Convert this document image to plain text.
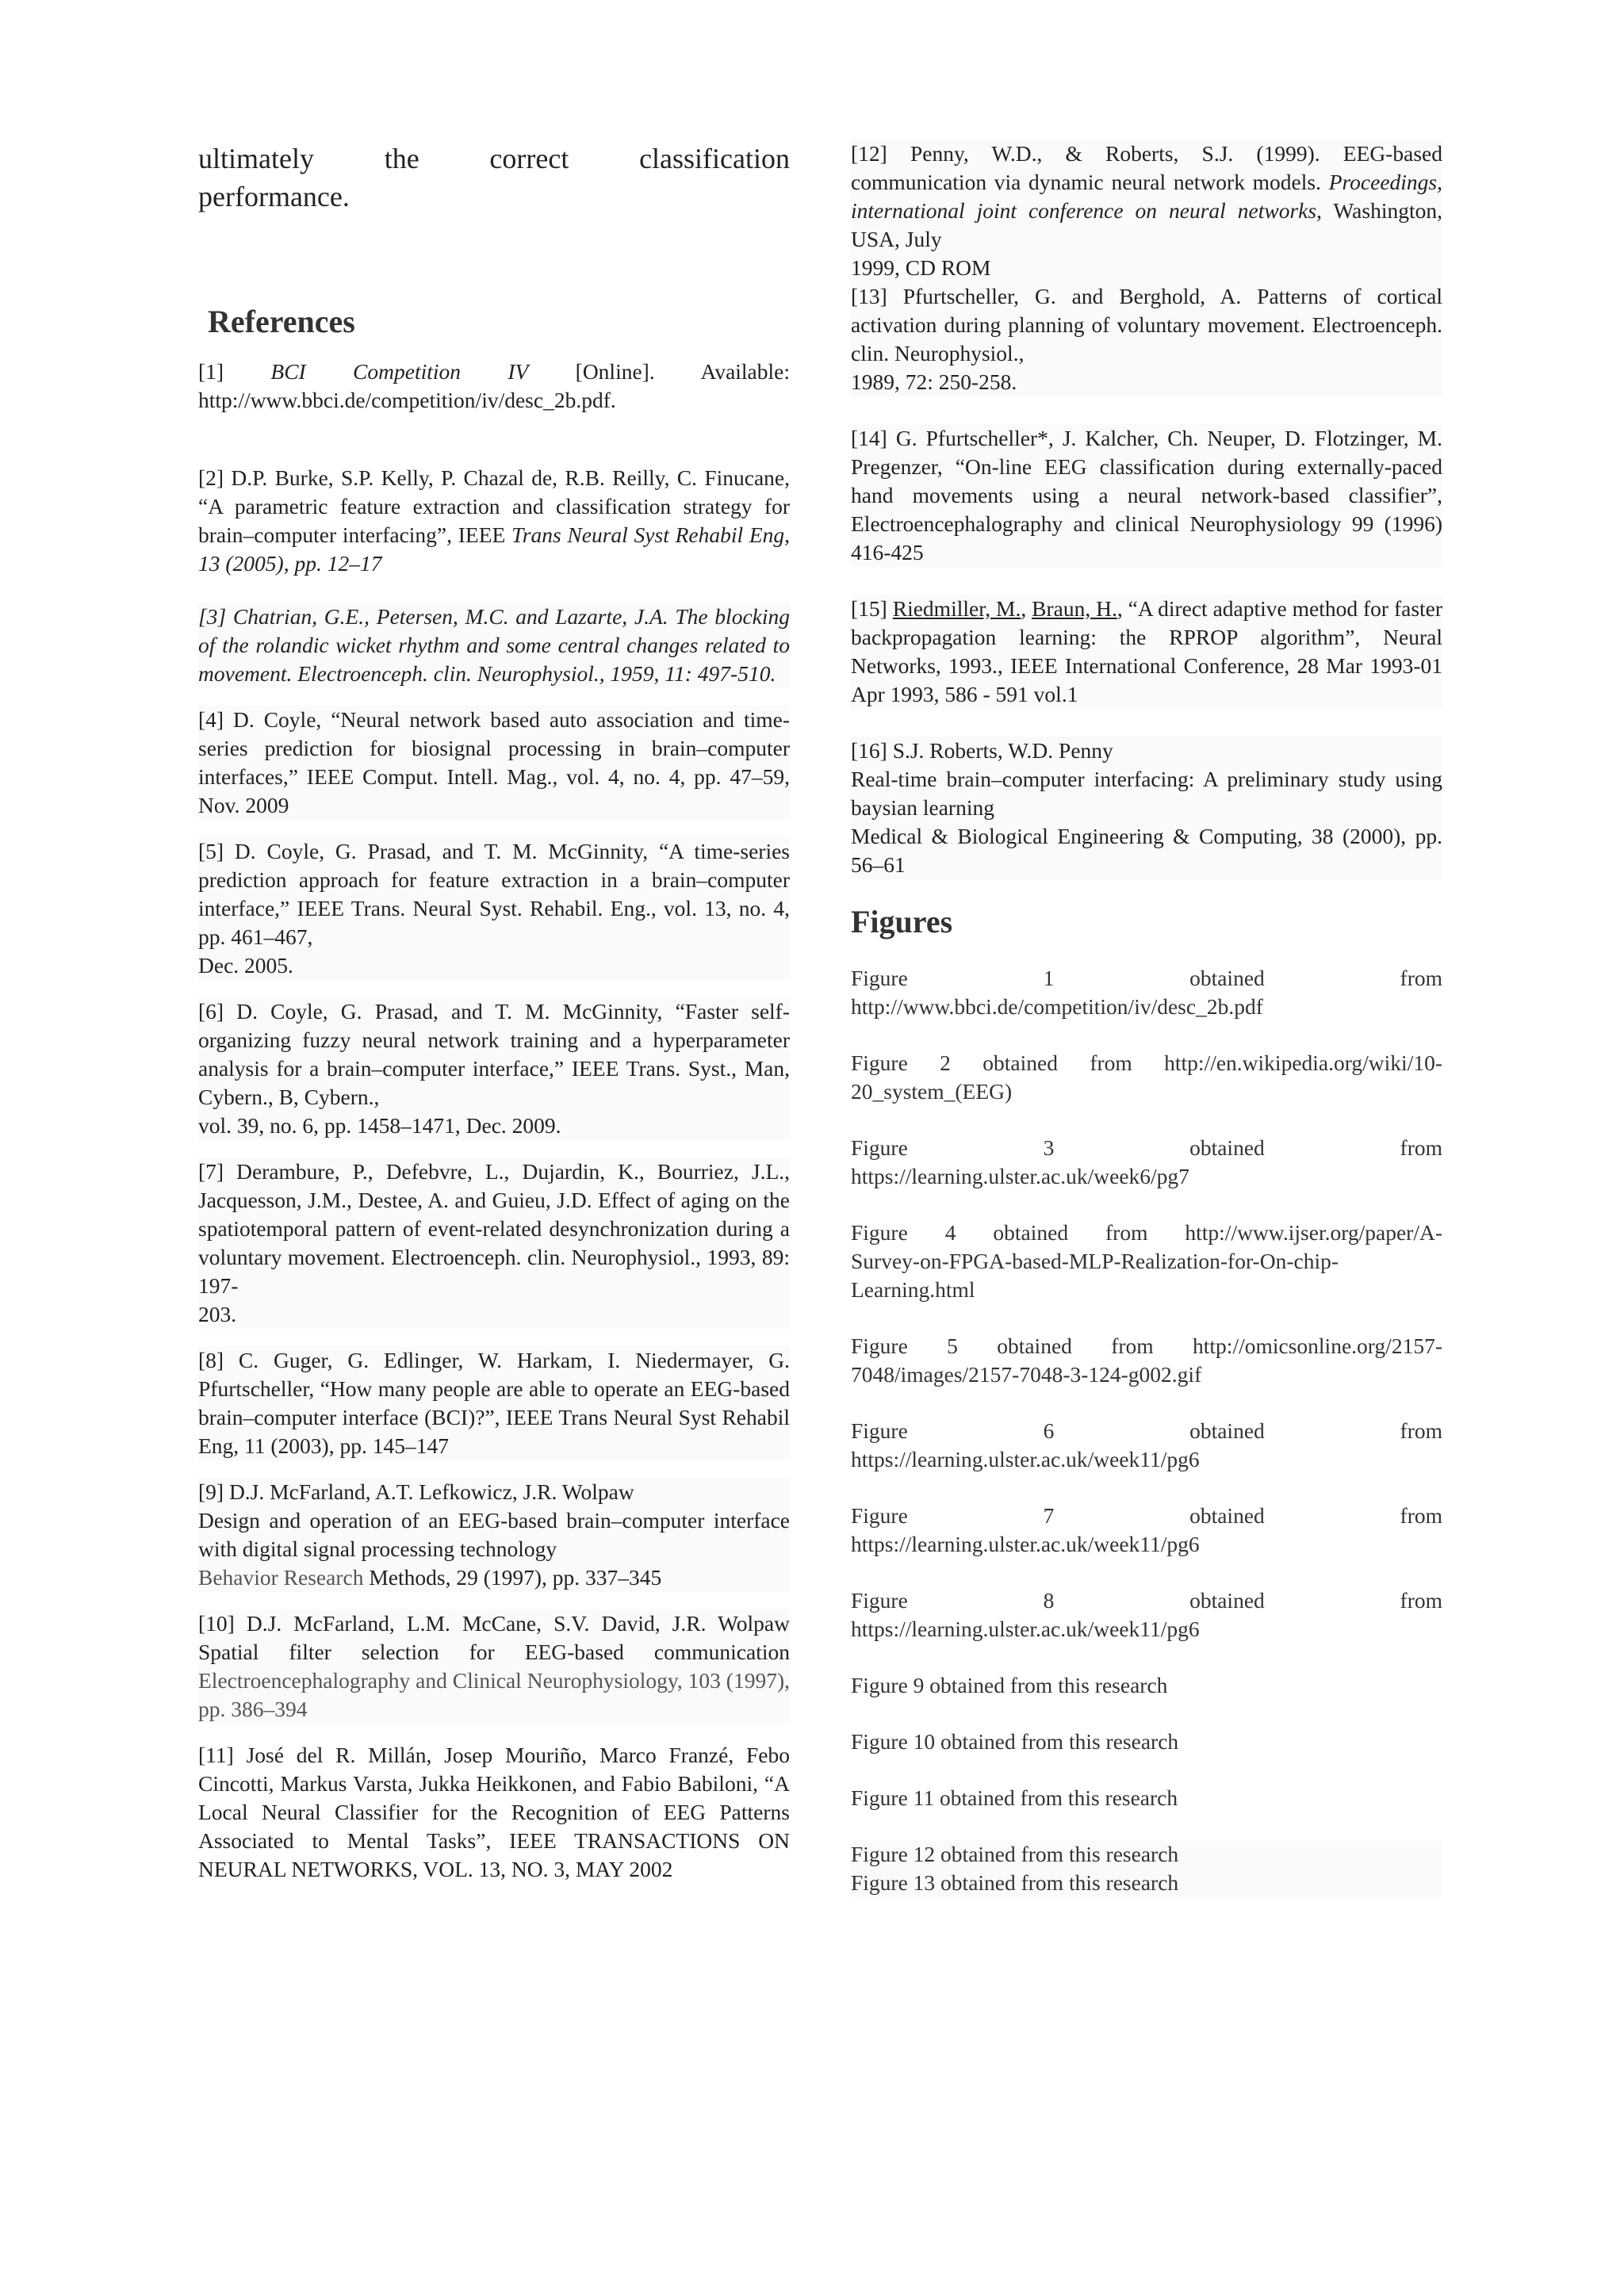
ultimately the correct classification

performance.

References

[1] BCI Competition IV [Online]. Available:

http://www.bbci.de/competition/iv/desc_2b.pdf.

[2] D.P. Burke, S.P. Kelly, P. Chazal de, R.B. Reilly, C. Finucane, “A parametric feature extraction and classification strategy for brain–computer interfacing”, IEEE Trans Neural Syst Rehabil Eng, 13 (2005), pp. 12–17

[3] Chatrian, G.E., Petersen, M.C. and Lazarte, J.A. The blocking of the rolandic wicket rhythm and some central changes related to movement. Electroenceph. clin. Neurophysiol., 1959, 11: 497-510.

[4] D. Coyle, “Neural network based auto association and time-series prediction for biosignal processing in brain–computer interfaces,” IEEE Comput. Intell. Mag., vol. 4, no. 4, pp. 47–59, Nov. 2009

[5] D. Coyle, G. Prasad, and T. M. McGinnity, “A time-series prediction approach for feature extraction in a brain–computer interface,” IEEE Trans. Neural Syst. Rehabil. Eng., vol. 13, no. 4, pp. 461–467,

Dec. 2005.

[6] D. Coyle, G. Prasad, and T. M. McGinnity, “Faster self-organizing fuzzy neural network training and a hyperparameter analysis for a brain–computer interface,” IEEE Trans. Syst., Man, Cybern., B, Cybern.,

vol. 39, no. 6, pp. 1458–1471, Dec. 2009.

[7] Derambure, P., Defebvre, L., Dujardin, K., Bourriez, J.L., Jacquesson, J.M., Destee, A. and Guieu, J.D. Effect of aging on the spatiotemporal pattern of event-related desynchronization during a voluntary movement. Electroenceph. clin. Neurophysiol., 1993, 89: 197-

203.

[8] C. Guger, G. Edlinger, W. Harkam, I. Niedermayer, G. Pfurtscheller, “How many people are able to operate an EEG-based brain–computer interface (BCI)?”, IEEE Trans Neural Syst Rehabil Eng, 11 (2003), pp. 145–147

[9] D.J. McFarland, A.T. Lefkowicz, J.R. Wolpaw

Design and operation of an EEG-based brain–computer interface with digital signal processing technology

Behavior Research Methods, 29 (1997), pp. 337–345

[10] D.J. McFarland, L.M. McCane, S.V. David, J.R. Wolpaw Spatial filter selection for EEG-based communication Electroencephalography and Clinical Neurophysiology, 103 (1997), pp. 386–394

[11] José del R. Millán, Josep Mouriño, Marco Franzé, Febo Cincotti, Markus Varsta, Jukka Heikkonen, and Fabio Babiloni, “A Local Neural Classifier for the Recognition of EEG Patterns Associated to Mental Tasks”, IEEE TRANSACTIONS ON NEURAL NETWORKS, VOL. 13, NO. 3, MAY 2002

[12] Penny, W.D., & Roberts, S.J. (1999). EEG-based communication via dynamic neural network models. Proceedings, international joint conference on neural networks, Washington, USA, July

1999, CD ROM

[13] Pfurtscheller, G. and Berghold, A. Patterns of cortical activation during planning of voluntary movement. Electroenceph. clin. Neurophysiol.,

1989, 72: 250-258.

[14] G. Pfurtscheller*, J. Kalcher, Ch. Neuper, D. Flotzinger, M. Pregenzer, “On-line EEG classification during externally-paced hand movements using a neural network-based classifier”, Electroencephalography and clinical Neurophysiology 99 (1996) 416-425

[15] Riedmiller, M., Braun, H., “A direct adaptive method for faster backpropagation learning: the RPROP algorithm”, Neural Networks, 1993., IEEE International Conference, 28 Mar 1993-01 Apr 1993, 586 - 591 vol.1

[16] S.J. Roberts, W.D. Penny

Real-time brain–computer interfacing: A preliminary study using baysian learning

Medical & Biological Engineering & Computing, 38 (2000), pp. 56–61

Figures

Figure 1 obtained from

http://www.bbci.de/competition/iv/desc_2b.pdf

Figure 2 obtained from http://en.wikipedia.org/wiki/10-

20_system_(EEG)

Figure 3 obtained from

https://learning.ulster.ac.uk/week6/pg7

Figure 4 obtained from http://www.ijser.org/paper/A-

Survey-on-FPGA-based-MLP-Realization-for-On-chip-Learning.html

Figure 5 obtained from http://omicsonline.org/2157-

7048/images/2157-7048-3-124-g002.gif

Figure 6 obtained from

https://learning.ulster.ac.uk/week11/pg6

Figure 7 obtained from

https://learning.ulster.ac.uk/week11/pg6

Figure 8 obtained from

https://learning.ulster.ac.uk/week11/pg6

Figure 9 obtained from this research

Figure 10 obtained from this research

Figure 11 obtained from this research

Figure 12 obtained from this research

Figure 13 obtained from this research
